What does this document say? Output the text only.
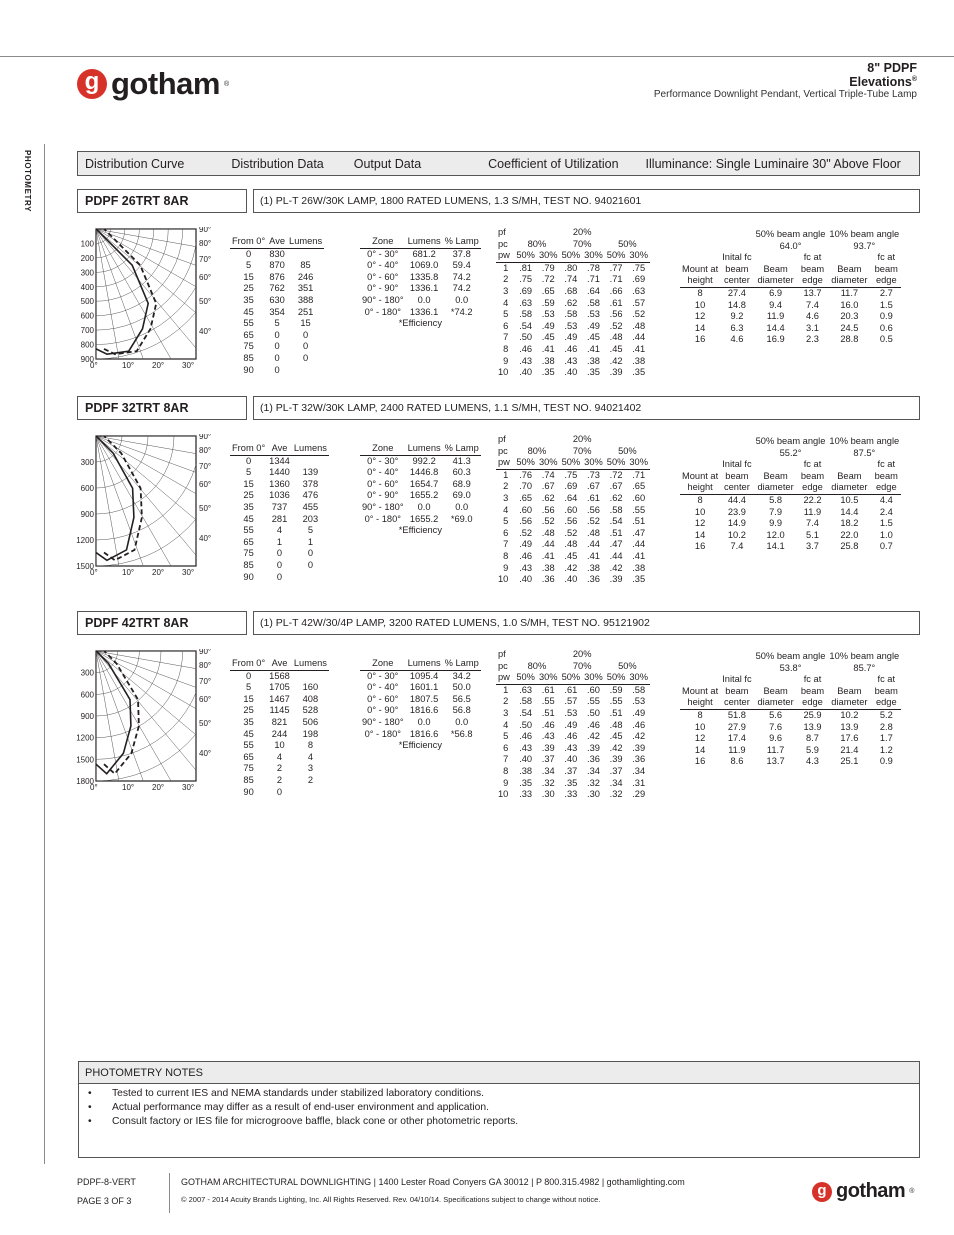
g gotham ®
8" PDPF
Elevations®
Performance Downlight Pendant, Vertical Triple-Tube Lamp
PHOTOMETRY	Distribution Curve	Distribution Data Output Data	Coefficient of Utilization Illuminance: Single Luminaire 30" Above Floor
PDPF 26TRT 8AR	(1) PL-T 26W/30K LAMP, 1800 RATED LUMENS, 1.3 S/MH, TEST NO. 94021601
100
200
300
400
500
600
700
800
900
90°
80°
70°
60°
50°
40°
0°	10° 20° 30°
From 0°	Ave	Lumens
0	830	
5	870	85
15	876	246
25	762	351
35	630	388
45	354	251
55	5	15
65	0	0
75	0	0
85	0	0
90	0	
Zone	Lumens	% Lamp
0° - 30°	681.2	37.8
0° - 40°	1069.0	59.4
0° - 60°	1335.8	74.2
0° - 90°	1336.1	74.2
90° - 180°	0.0	0.0
0° - 180°	1336.1	*74.2
*Efficiency		
pf			20%				
pc	80%		70%		50%		
pw	50%	30%	50%	30%	50%	30%	
1	.81	.79	.80	.78	.77	.75	
2	.75	.72	.74	.71	.71	.69	
3	.69	.65	.68	.64	.66	.63	
4	.63	.59	.62	.58	.61	.57	
5	.58	.53	.58	.53	.56	.52	
6	.54	.49	.53	.49	.52	.48	
7	.50	.45	.49	.45	.48	.44	
8	.46	.41	.46	.41	.45	.41	
9	.43	.38	.43	.38	.42	.38	
10	.40	.35	.40	.35	.39	.35	
		50% beam angle		10% beam angle	
		64.0°		93.7°	
	Inital fc		fc at		fc at
Mount at	beam	Beam	beam	Beam	beam
height	center	diameter	edge	diameter	edge
8	27.4	6.9	13.7	11.7	2.7
10	14.8	9.4	7.4	16.0	1.5
12	9.2	11.9	4.6	20.3	0.9
14	6.3	14.4	3.1	24.5	0.6
16	4.6	16.9	2.3	28.8	0.5
PDPF 32TRT 8AR	(1) PL-T 32W/30K LAMP, 2400 RATED LUMENS, 1.1 S/MH, TEST NO. 94021402
300
600
900
1200
1500
90°
80°
70°
60°
50°
40°
0°	10° 20° 30°
From 0°	Ave	Lumens
0	1344	
5	1440	139
15	1360	378
25	1036	476
35	737	455
45	281	203
55	4	5
65	1	1
75	0	0
85	0	0
90	0	
Zone	Lumens	% Lamp
0° - 30°	992.2	41.3
0° - 40°	1446.8	60.3
0° - 60°	1654.7	68.9
0° - 90°	1655.2	69.0
90° - 180°	0.0	0.0
0° - 180°	1655.2	*69.0
*Efficiency		
pf			20%				
pc	80%		70%		50%		
pw	50%	30%	50%	30%	50%	30%	
1	.76	.74	.75	.73	.72	.71	
2	.70	.67	.69	.67	.67	.65	
3	.65	.62	.64	.61	.62	.60	
4	.60	.56	.60	.56	.58	.55	
5	.56	.52	.56	.52	.54	.51	
6	.52	.48	.52	.48	.51	.47	
7	.49	.44	.48	.44	.47	.44	
8	.46	.41	.45	.41	.44	.41	
9	.43	.38	.42	.38	.42	.38	
10	.40	.36	.40	.36	.39	.35	
		50% beam angle		10% beam angle	
		55.2°		87.5°	
	Inital fc		fc at		fc at
Mount at	beam	Beam	beam	Beam	beam
height	center	diameter	edge	diameter	edge
8	44.4	5.8	22.2	10.5	4.4
10	23.9	7.9	11.9	14.4	2.4
12	14.9	9.9	7.4	18.2	1.5
14	10.2	12.0	5.1	22.0	1.0
16	7.4	14.1	3.7	25.8	0.7
PDPF 42TRT 8AR	(1) PL-T 42W/30/4P LAMP, 3200 RATED LUMENS, 1.0 S/MH, TEST NO. 95121902
300
600
900
1200
1500
1800
90°
80°
70°
60°
50°
40°
0°	10° 20° 30°
From 0°	Ave	Lumens
0	1568	
5	1705	160
15	1467	408
25	1145	528
35	821	506
45	244	198
55	10	8
65	4	4
75	2	3
85	2	2
90	0	
Zone	Lumens	% Lamp
0° - 30°	1095.4	34.2
0° - 40°	1601.1	50.0
0° - 60°	1807.5	56.5
0° - 90°	1816.6	56.8
90° - 180°	0.0	0.0
0° - 180°	1816.6	*56.8
*Efficiency		
pf			20%				
pc	80%		70%		50%		
pw	50%	30%	50%	30%	50%	30%	
1	.63	.61	.61	.60	.59	.58	
2	.58	.55	.57	.55	.55	.53	
3	.54	.51	.53	.50	.51	.49	
4	.50	.46	.49	.46	.48	.46	
5	.46	.43	.46	.42	.45	.42	
6	.43	.39	.43	.39	.42	.39	
7	.40	.37	.40	.36	.39	.36	
8	.38	.34	.37	.34	.37	.34	
9	.35	.32	.35	.32	.34	.31	
10	.33	.30	.33	.30	.32	.29	
		50% beam angle		10% beam angle	
		53.8°		85.7°	
	Inital fc		fc at		fc at
Mount at	beam	Beam	beam	Beam	beam
height	center	diameter	edge	diameter	edge
8	51.8	5.6	25.9	10.2	5.2
10	27.9	7.6	13.9	13.9	2.8
12	17.4	9.6	8.7	17.6	1.7
14	11.9	11.7	5.9	21.4	1.2
16	8.6	13.7	4.3	25.1	0.9
PHOTOMETRY NOTES
• Tested to current IES and NEMA standards under stabilized laboratory conditions.
• Actual performance may differ as a result of end-user environment and application.
• Consult factory or IES file for microgroove baffle, black cone or other photometric reports.
PDPF-8-VERT
PAGE 3 OF 3
GOTHAM ARCHITECTURAL DOWNLIGHTING | 1400 Lester Road Conyers GA 30012 | P 800.315.4982 | gothamlighting.com
© 2007 - 2014 Acuity Brands Lighting, Inc. All Rights Reserved. Rev. 04/10/14. Specifications subject to change without notice.
g gotham ®
